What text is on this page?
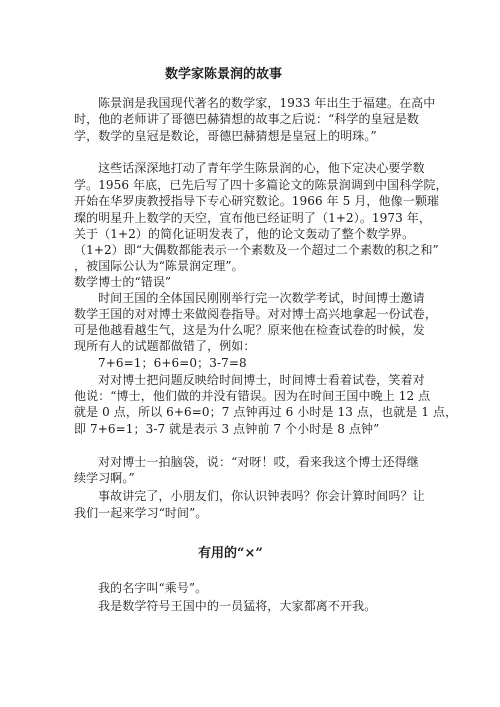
数学家陈景润的故事
陈景润是我国现代著名的数学家，1933 年出生于福建。在高中
时，他的老师讲了哥德巴赫猜想的故事之后说：“科学的皇冠是数
学，数学的皇冠是数论，哥德巴赫猜想是皇冠上的明珠。”
这些话深深地打动了青年学生陈景润的心，他下定决心要学数
学。1956 年底，已先后写了四十多篇论文的陈景润调到中国科学院，
开始在华罗庚教授指导下专心研究数论。1966 年 5 月，他像一颗璀
璨的明星升上数学的天空，宣布他已经证明了（1+2）。1973 年，
关于（1+2）的简化证明发表了，他的论文轰动了整个数学界。
（1+2）即“大偶数都能表示一个素数及一个超过二个素数的积之和”
，被国际公认为“陈景润定理”。
数学博士的“错误”
时间王国的全体国民刚刚举行完一次数学考试，时间博士邀请
数学王国的对对博士来做阅卷指导。对对博士高兴地拿起一份试卷，
可是他越看越生气，这是为什么呢？原来他在检查试卷的时候，发
现所有人的试题都做错了，例如：
7+6=1；6+6=0；3-7=8
对对博士把问题反映给时间博士，时间博士看着试卷，笑着对
他说：“博士，他们做的并没有错误。因为在时间王国中晚上 12 点
就是 0 点，所以 6+6=0；7 点钟再过 6 小时是 13 点，也就是 1 点，
即 7+6=1；3-7 就是表示 3 点钟前 7 个小时是 8 点钟”
对对博士一拍脑袋，说：“对呀！哎，看来我这个博士还得继
续学习啊。”
事故讲完了，小朋友们，你认识钟表吗？你会计算时间吗？让
我们一起来学习“时间”。
有用的“×”
我的名字叫“乘号”。
我是数学符号王国中的一员猛将，大家都离不开我。
